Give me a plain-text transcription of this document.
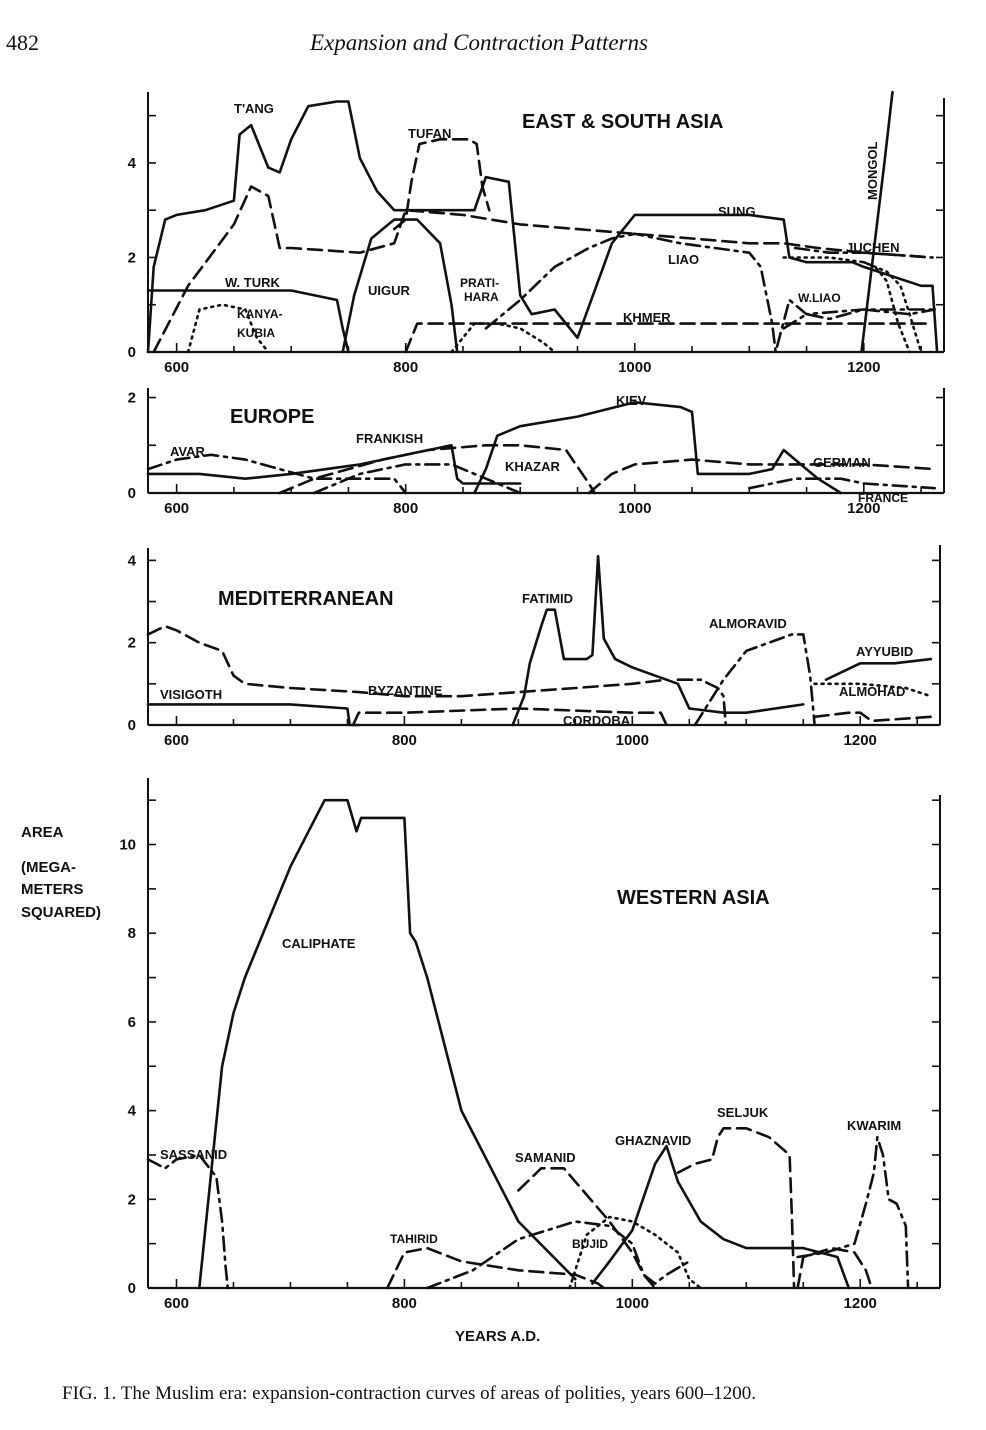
482	Expansion and Contraction Patterns
600	800	1000	1200
0
2
4
600	800	1000	1200
0
2
600	800	1000	1200
0
2
4
600	800	1000	1200
0
2
4
6
8
10
EAST & SOUTH ASIA
EUROPE
MEDITERRANEAN
WESTERN ASIA
T'ANG
TUFAN
SUNG
JUCHEN
LIAO
W. TURK
UIGUR	PRATI-
HARA
KANYA-
KUBIA
KHMER
W.LIAO
MONGOL
AVAR
FRANKISH
KIEV
KHAZAR	GERMAN
FRANCE
FATIMID
ALMORAVID
AYYUBID
ALMOHAD
VISIGOTH	BYZANTINE
CORDOBA
CALIPHATE
SASSANID
TAHIRID
SAMANID
BUJID
GHAZNAVID
SELJUK
KWARIM
AREA
(MEGA-
METERS
SQUARED)
YEARS A.D.
FIG. 1. The Muslim era: expansion-contraction curves of areas of polities, years 600–1200.
